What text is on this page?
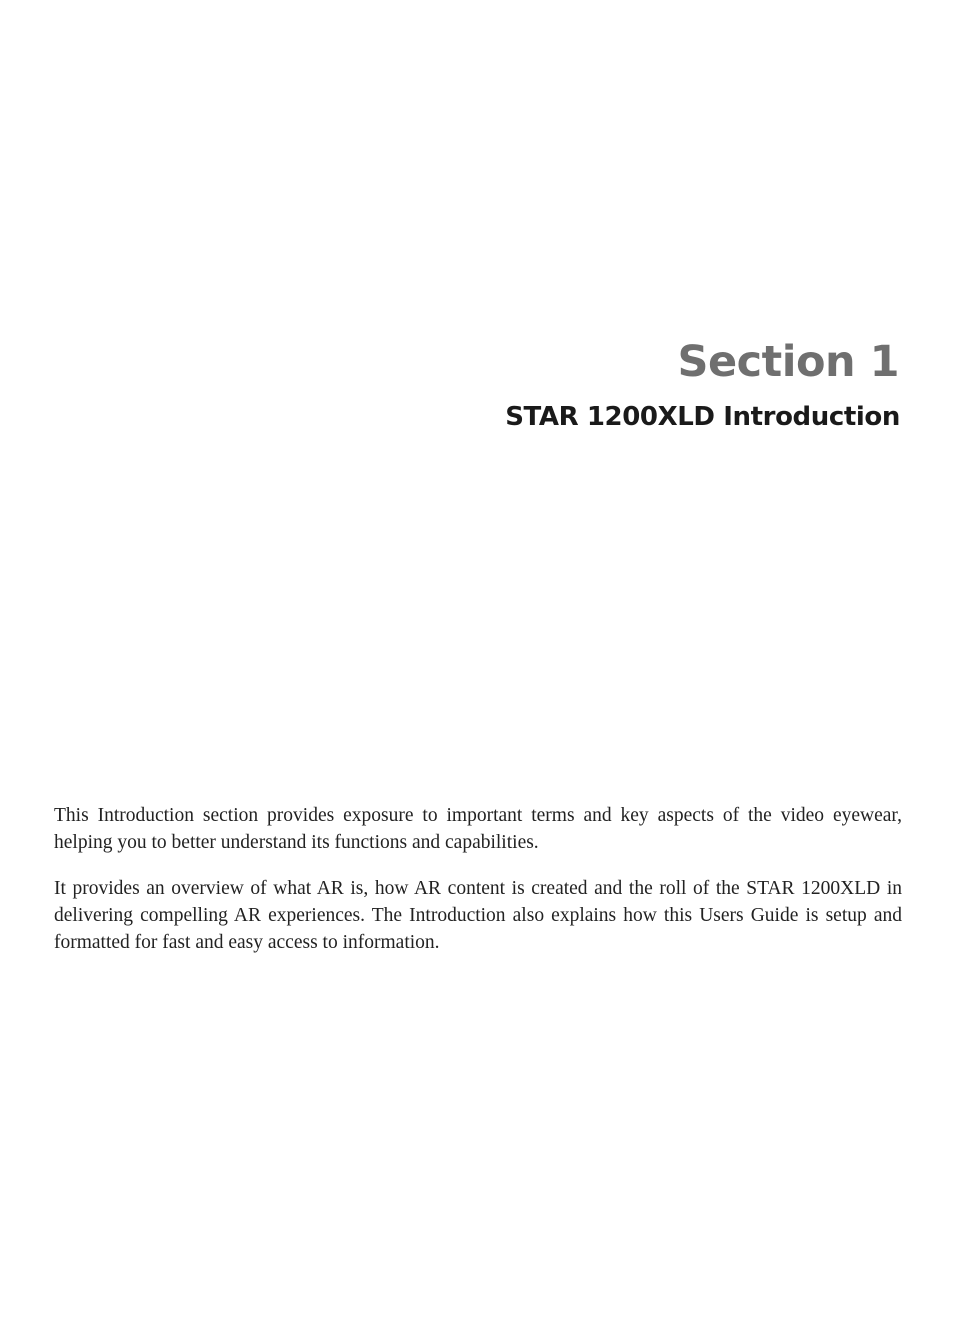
Section 1
STAR 1200XLD Introduction

This Introduction section provides exposure to important terms and key aspects of the video eyewear, helping you to better understand its functions and capabilities.

It provides an overview of what AR is, how AR content is created and the roll of the STAR 1200XLD in delivering compelling AR experiences. The Introduction also explains how this Users Guide is setup and formatted for fast and easy access to information.
